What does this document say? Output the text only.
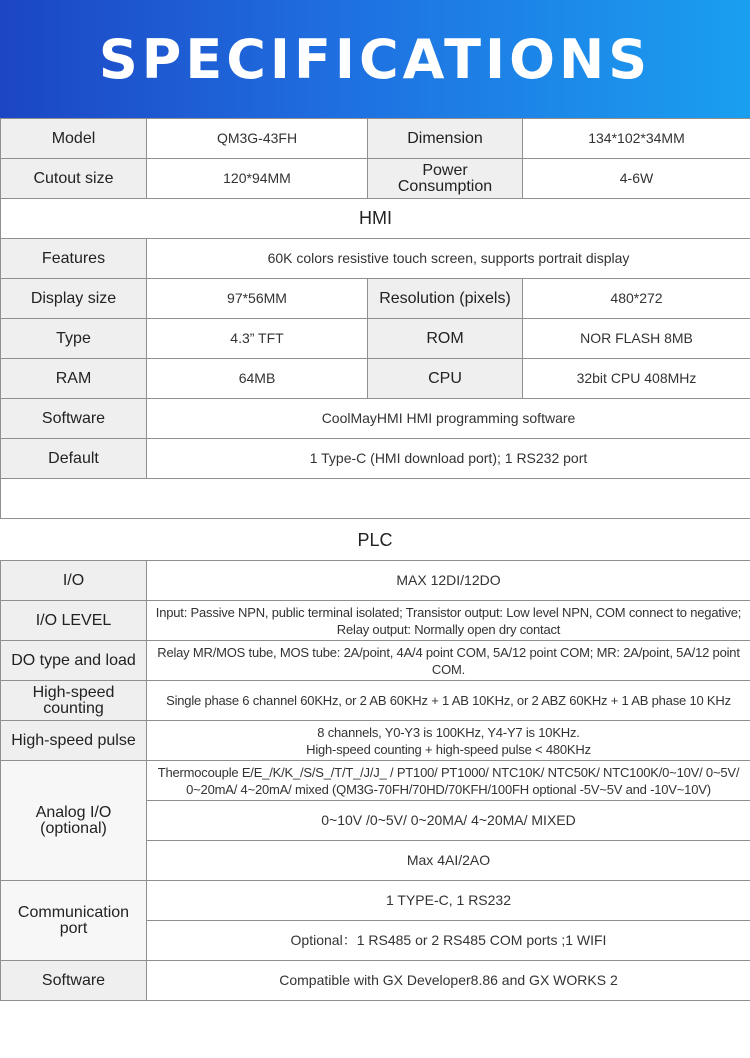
SPECIFICATIONS
Model	QM3G-43FH	Dimension	134*102*34MM
Cutout size	120*94MM	Power Consumption	4-6W
HMI			
Features	60K colors resistive touch screen, supports portrait display		
Display size	97*56MM	Resolution (pixels)	480*272
Type	4.3” TFT	ROM	NOR FLASH 8MB
RAM	64MB	CPU	32bit CPU 408MHz
Software	CoolMayHMI HMI programming software		
Default	1 Type-C (HMI download port); 1 RS232 port		

PLC
I/O	MAX 12DI/12DO
I/O LEVEL	Input: Passive NPN, public terminal isolated; Transistor output: Low level NPN, COM connect to negative; Relay output: Normally open dry contact
DO type and load	Relay MR/MOS tube, MOS tube: 2A/point, 4A/4 point COM, 5A/12 point COM; MR: 2A/point, 5A/12 point COM.
High-speed counting	Single phase 6 channel 60KHz, or 2 AB 60KHz + 1 AB 10KHz, or 2 ABZ 60KHz + 1 AB phase 10 KHz
High-speed pulse	8 channels, Y0-Y3 is 100KHz, Y4-Y7 is 10KHz.
High-speed counting + high-speed pulse < 480KHz

Analog I/O (optional)	Thermocouple E/E_/K/K_/S/S_/T/T_/J/J_ / PT100/ PT1000/ NTC10K/ NTC50K/ NTC100K/0~10V/ 0~5V/ 0~20mA/ 4~20mA/ mixed (QM3G-70FH/70HD/70KFH/100FH optional -5V~5V and -10V~10V)
	0~10V /0~5V/ 0~20MA/ 4~20MA/ MIXED
	Max 4AI/2AO
Communication port	1 TYPE-C, 1 RS232
	Optional：1 RS485 or 2 RS485 COM ports ;1 WIFI
Software	Compatible with GX Developer8.86 and GX WORKS 2
